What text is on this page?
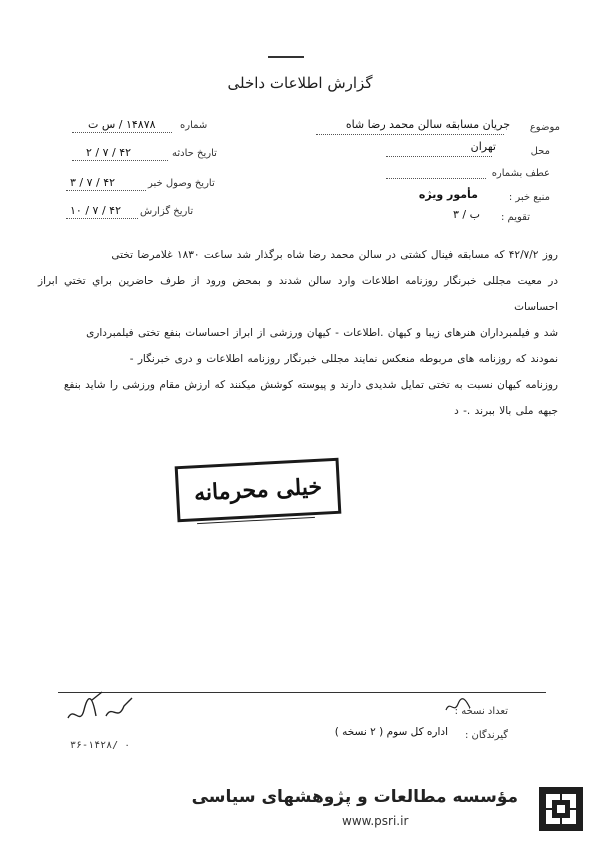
گزارش اطلاعات داخلی
موضوع
جریان مسابقه سالن محمد رضا شاه
محل
تهران
عطف بشماره
منبع خبر :
مأمور ویژه
تقویم :
ب / ۳
شماره
۱۴۸۷۸ / س ت
تاریخ حادثه
۴۲ / ۷ / ۲
تاریخ وصول خبر
۴۲ / ۷ / ۳
تاریخ گزارش
۴۲ / ۷ / ۱۰
روز ۴۲/۷/۲ که مسابقه فینال کشتی در سالن محمد رضا شاه برگذار شد ساعت ۱۸۳۰ غلامرضا تختی
در معیت مجللی خبرنگار روزنامه اطلاعات وارد سالن شدند و بمحض ورود از طرف حاضرین براي تختي ابراز احساسات
شد و فیلمبرداران هنرهای زیبا و کیهان .اطلاعات - کیهان ورزشی از ابراز احساسات بنفع تختی فیلمبرداری
نمودند که روزنامه های مربوطه منعکس نمایند مجللی خبرنگار روزنامه اطلاعات و دری خبرنگار -
روزنامه کیهان نسبت به تختی تمایل شدیدی دارند و پیوسته کوشش میکنند که ارزش مقام ورزشی را شاید بنفع
جبهه ملی بالا ببرند .- د
خیلی محرمانه
۳۶-۱۴۲۸/ ۰
تعداد نسخه :
گیرندگان :
اداره کل سوم ( ۲ نسخه )
مؤسسه مطالعات و پژوهشهای سیاسی
www.psri.ir
